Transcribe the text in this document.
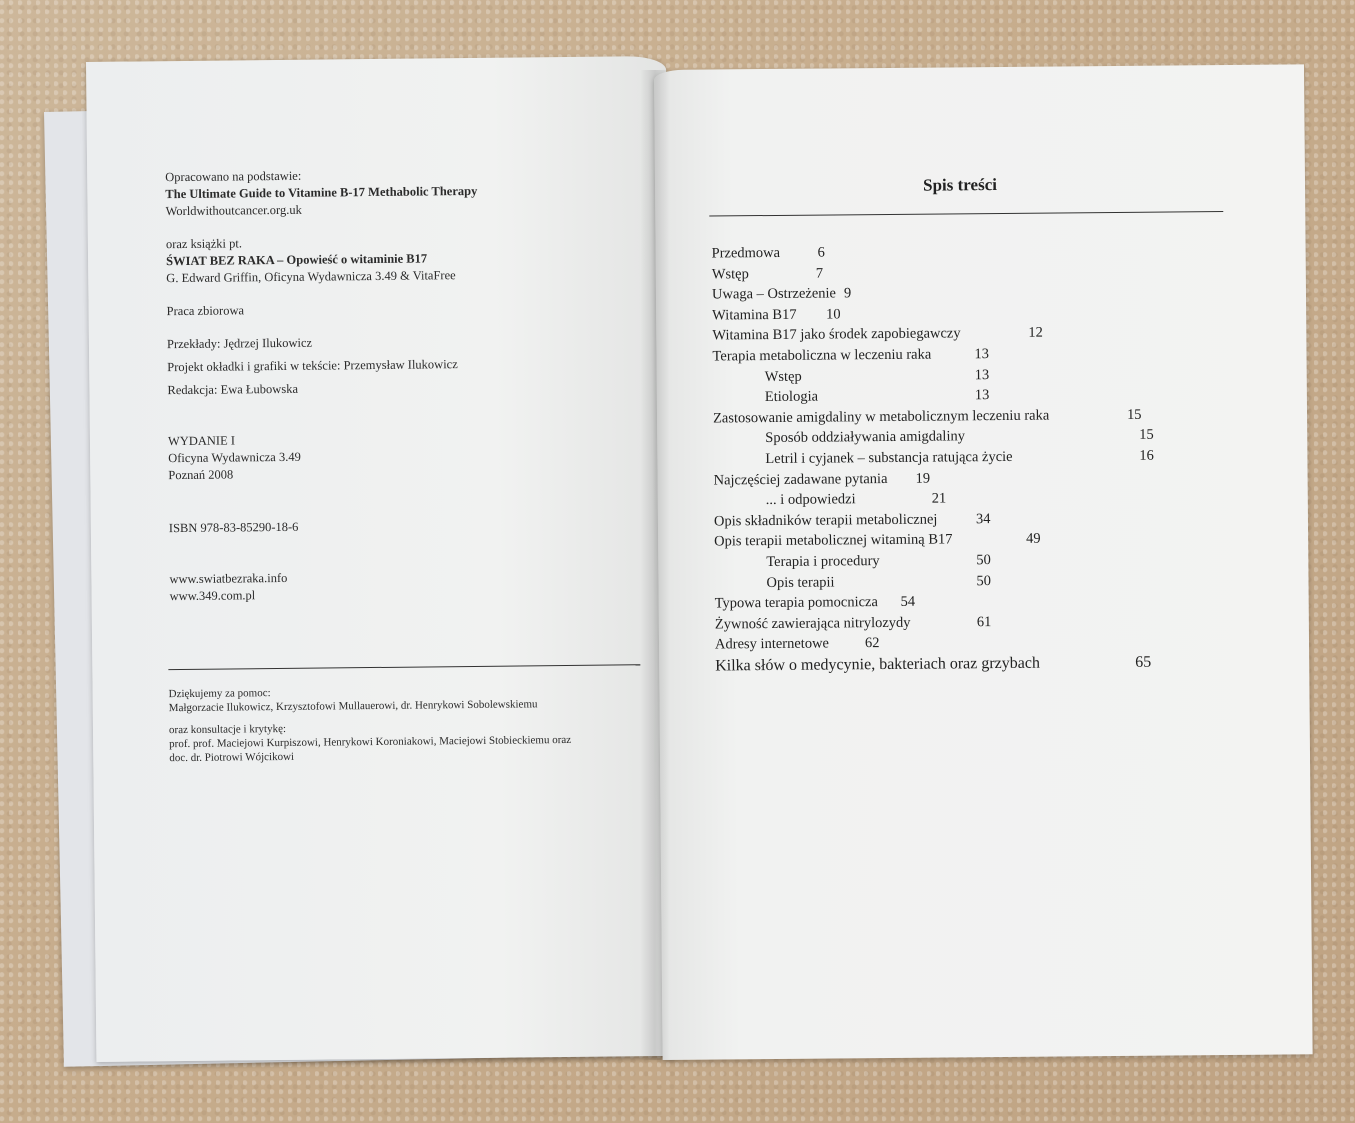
Opracowano na podstawie:
The Ultimate Guide to Vitamine B-17 Methabolic Therapy
Worldwithoutcancer.org.uk
oraz książki pt.
ŚWIAT BEZ RAKA – Opowieść o witaminie B17
G. Edward Griffin, Oficyna Wydawnicza 3.49 & VitaFree
Praca zbiorowa
Przekłady: Jędrzej Ilukowicz
Projekt okładki i grafiki w tekście: Przemysław Ilukowicz
Redakcja: Ewa Łubowska
WYDANIE I
Oficyna Wydawnicza 3.49
Poznań 2008
ISBN 978-83-85290-18-6
www.swiatbezraka.info
www.349.com.pl
Dziękujemy za pomoc:
Małgorzacie Ilukowicz, Krzysztofowi Mullauerowi, dr. Henrykowi Sobolewskiemu
oraz konsultacje i krytykę:
prof. prof. Maciejowi Kurpiszowi, Henrykowi Koroniakowi, Maciejowi Stobieckiemu oraz
doc. dr. Piotrowi Wójcikowi
Spis treści
Przedmowa	6
Wstęp	7
Uwaga – Ostrzeżenie 9
Witamina B17 10
Witamina B17 jako środek zapobiegawczy	12
Terapia metaboliczna w leczeniu raka	13
Wstęp	13
Etiologia	13
Zastosowanie amigdaliny w metabolicznym leczeniu raka	15
Sposób oddziaływania amigdaliny	15
Letril i cyjanek – substancja ratująca życie	16
Najczęściej zadawane pytania 19
... i odpowiedzi	21
Opis składników terapii metabolicznej	34
Opis terapii metabolicznej witaminą B17	49
Terapia i procedury	50
Opis terapii	50
Typowa terapia pomocnicza 54
Żywność zawierająca nitrylozydy	61
Adresy internetowe 62
Kilka słów o medycynie, bakteriach oraz grzybach	65
